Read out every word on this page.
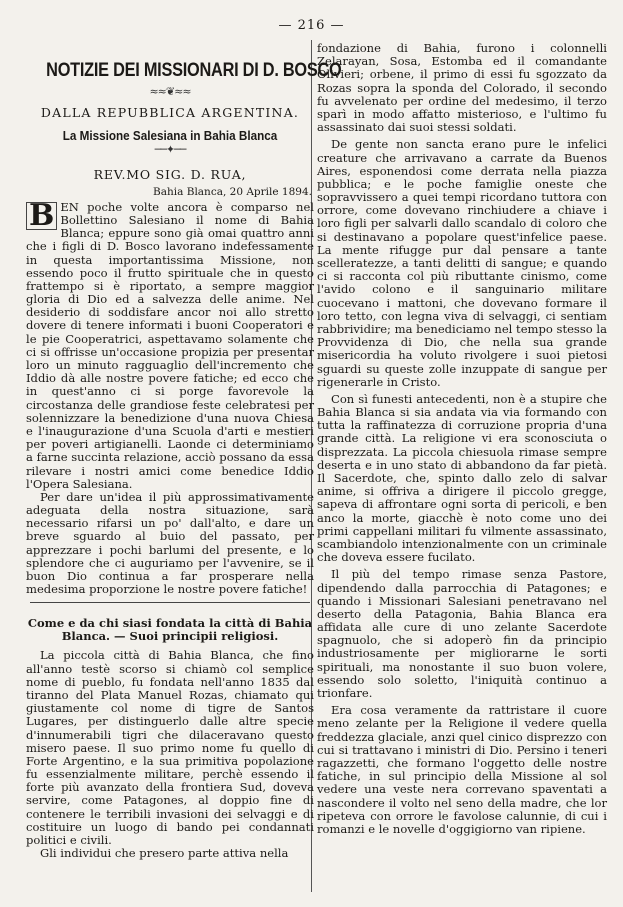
— 216 —
NOTIZIE DEI MISSIONARI DI D. BOSCO
≈≈❦≈≈
DALLA REPUBBLICA ARGENTINA.
La Missione Salesiana in Bahia Blanca
──✦──
REV.MO SIG. D. RUA,
Bahia Blanca, 20 Aprile 1894.

B EN poche volte ancora è comparso nel Bollettino Salesiano il nome di Bahia Blanca; eppure sono già omai quattro anni che i figli di D. Bosco lavorano indefessamente in questa importantissima Missione, non essendo poco il frutto spirituale che in questo frattempo si è riportato, a sempre maggior gloria di Dio ed a salvezza delle anime. Nel desiderio di soddisfare ancor noi allo stretto dovere di tenere informati i buoni Cooperatori e le pie Cooperatrici, aspettavamo solamente che ci si offrisse un'occasione propizia per presentar loro un minuto ragguaglio dell'incremento che Iddio dà alle nostre povere fatiche; ed ecco che in quest'anno ci si porge favorevole la circostanza delle grandiose feste celebratesi per solennizzare la benedizione d'una nuova Chiesa e l'inaugurazione d'una Scuola d'arti e mestieri per poveri artigianelli. Laonde ci determiniamo a farne succinta relazione, acciò possano da essa rilevare i nostri amici come benedice Iddio l'Opera Salesiana.

Per dare un'idea il più approssimativamente adeguata della nostra situazione, sarà necessario rifarsi un po' dall'alto, e dare un breve sguardo al buio del passato, per apprezzare i pochi barlumi del presente, e lo splendore che ci auguriamo per l'avvenire, se il buon Dio continua a far prosperare nella medesima proporzione le nostre povere fatiche!

Come e da chi siasi fondata la città di Bahia Blanca. — Suoi principii religiosi.

La piccola città di Bahia Blanca, che fino all'anno testè scorso si chiamò col semplice nome di pueblo, fu fondata nell'anno 1835 dal tiranno del Plata Manuel Rozas, chiamato qui giustamente col nome di tigre de Santos Lugares, per distinguerlo dalle altre specie d'innumerabili tigri che dilaceravano questo misero paese. Il suo primo nome fu quello di Forte Argentino, e la sua primitiva popolazione fu essenzialmente militare, perchè essendo il forte più avanzato della frontiera Sud, doveva servire, come Patagones, al doppio fine di contenere le terribili invasioni dei selvaggi e di costituire un luogo di bando pei condannati politici e civili.

Gli individui che presero parte attiva nella

fondazione di Bahia, furono i colonnelli Zelarayan, Sosa, Estomba ed il comandante Olivieri; orbene, il primo di essi fu sgozzato da Rozas sopra la sponda del Colorado, il secondo fu avvelenato per ordine del medesimo, il terzo sparì in modo affatto misterioso, e l'ultimo fu assassinato dai suoi stessi soldati.

De gente non sancta erano pure le infelici creature che arrivavano a carrate da Buenos Aires, esponendosi come derrata nella piazza pubblica; e le poche famiglie oneste che sopravvissero a quei tempi ricordano tuttora con orrore, come dovevano rinchiudere a chiave i loro figli per salvarli dallo scandalo di coloro che si destinavano a popolare quest'infelice paese. La mente rifugge pur dal pensare a tante scelleratezze, a tanti delitti di sangue; e quando ci si racconta col più ributtante cinismo, come l'avido colono e il sanguinario militare cuocevano i mattoni, che dovevano formare il loro tetto, con legna viva di selvaggi, ci sentiam rabbrividire; ma benediciamo nel tempo stesso la Provvidenza di Dio, che nella sua grande misericordia ha voluto rivolgere i suoi pietosi sguardi su queste zolle inzuppate di sangue per rigenerarle in Cristo.

Con sì funesti antecedenti, non è a stupire che Bahia Blanca si sia andata via via formando con tutta la raffinatezza di corruzione propria d'una grande città. La religione vi era sconosciuta o disprezzata. La piccola chiesuola rimase sempre deserta e in uno stato di abbandono da far pietà. Il Sacerdote, che, spinto dallo zelo di salvar anime, si offriva a dirigere il piccolo gregge, sapeva di affrontare ogni sorta di pericoli, e ben anco la morte, giacchè è noto come uno dei primi cappellani militari fu vilmente assassinato, scambiandolo intenzionalmente con un criminale che doveva essere fucilato.

Il più del tempo rimase senza Pastore, dipendendo dalla parrocchia di Patagones; e quando i Missionari Salesiani penetravano nel deserto della Patagonia, Bahia Blanca era affidata alle cure di uno zelante Sacerdote spagnuolo, che si adoperò fin da principio industriosamente per migliorarne le sorti spirituali, ma nonostante il suo buon volere, essendo solo soletto, l'iniquità continuo a trionfare.

Era cosa veramente da rattristare il cuore meno zelante per la Religione il vedere quella freddezza glaciale, anzi quel cinico disprezzo con cui si trattavano i ministri di Dio. Persino i teneri ragazzetti, che formano l'oggetto delle nostre fatiche, in sul principio della Missione al sol vedere una veste nera correvano spaventati a nascondere il volto nel seno della madre, che lor ripeteva con orrore le favolose calunnie, di cui i romanzi e le novelle d'oggigiorno van ripiene.
